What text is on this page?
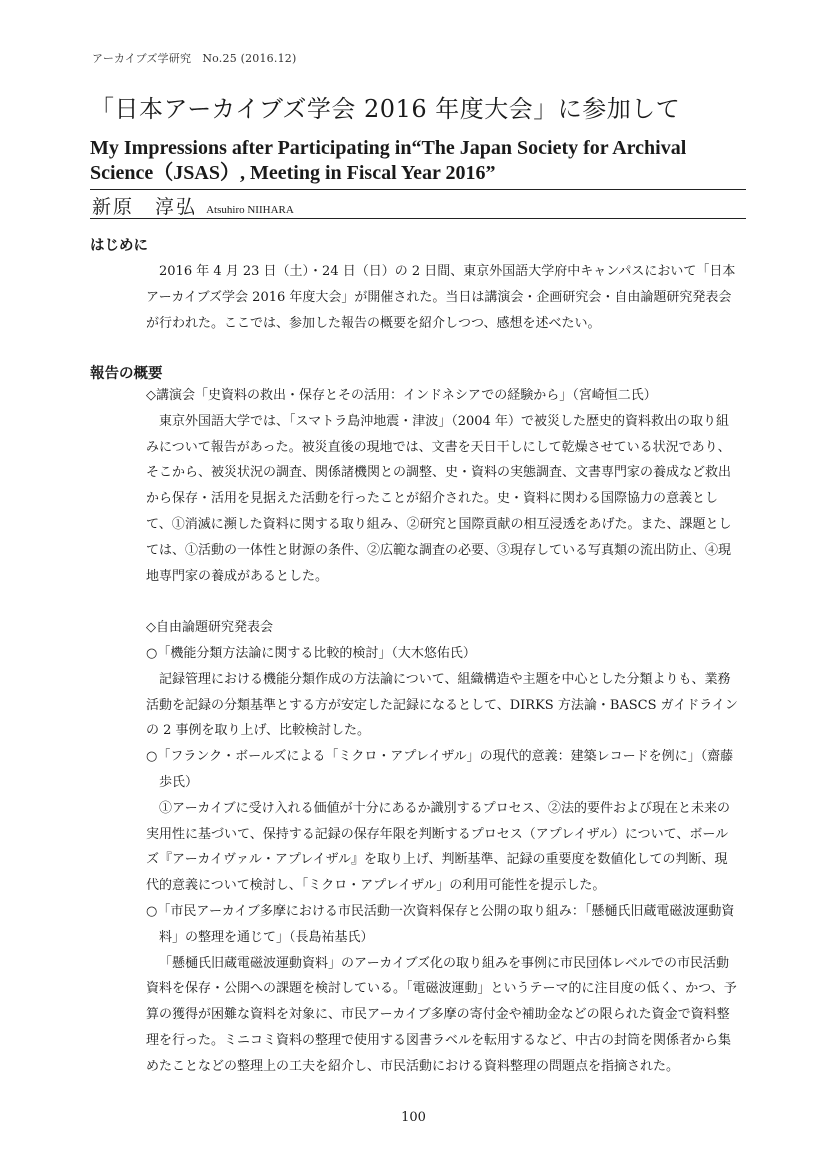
アーカイブズ学研究　No.25 (2016.12)
「日本アーカイブズ学会 2016 年度大会」に参加して
My Impressions after Participating in“The Japan Society for Archival Science（JSAS）, Meeting in Fiscal Year 2016”
新原　淳弘 Atsuhiro NIIHARA
はじめに

2016 年 4 月 23 日（土）・24 日（日）の 2 日間、東京外国語大学府中キャンパスにおいて「日本アーカイブズ学会 2016 年度大会」が開催された。当日は講演会・企画研究会・自由論題研究発表会が行われた。ここでは、参加した報告の概要を紹介しつつ、感想を述べたい。

報告の概要

◇講演会「史資料の救出・保存とその活用：インドネシアでの経験から」（宮崎恒二氏）

東京外国語大学では、「スマトラ島沖地震・津波」（2004 年）で被災した歴史的資料救出の取り組みについて報告があった。被災直後の現地では、文書を天日干しにして乾燥させている状況であり、そこから、被災状況の調査、関係諸機関との調整、史・資料の実態調査、文書専門家の養成など救出から保存・活用を見据えた活動を行ったことが紹介された。史・資料に関わる国際協力の意義として、①消滅に瀕した資料に関する取り組み、②研究と国際貢献の相互浸透をあげた。また、課題としては、①活動の一体性と財源の条件、②広範な調査の必要、③現存している写真類の流出防止、④現地専門家の養成があるとした。

◇自由論題研究発表会

○「機能分類方法論に関する比較的検討」（大木悠佑氏）

記録管理における機能分類作成の方法論について、組織構造や主題を中心とした分類よりも、業務活動を記録の分類基準とする方が安定した記録になるとして、DIRKS 方法論・BASCS ガイドラインの 2 事例を取り上げ、比較検討した。

○「フランク・ボールズによる「ミクロ・アプレイザル」の現代的意義：建築レコードを例に」（齋藤歩氏）

①アーカイブに受け入れる価値が十分にあるか識別するプロセス、②法的要件および現在と未来の実用性に基づいて、保持する記録の保存年限を判断するプロセス（アプレイザル）について、ボールズ『アーカイヴァル・アプレイザル』を取り上げ、判断基準、記録の重要度を数値化しての判断、現代的意義について検討し、「ミクロ・アプレイザル」の利用可能性を提示した。

○「市民アーカイブ多摩における市民活動一次資料保存と公開の取り組み：「懸樋氏旧蔵電磁波運動資料」の整理を通じて」（長島祐基氏）

「懸樋氏旧蔵電磁波運動資料」のアーカイブズ化の取り組みを事例に市民団体レベルでの市民活動資料を保存・公開への課題を検討している。「電磁波運動」というテーマ的に注目度の低く、かつ、予算の獲得が困難な資料を対象に、市民アーカイブ多摩の寄付金や補助金などの限られた資金で資料整理を行った。ミニコミ資料の整理で使用する図書ラベルを転用するなど、中古の封筒を関係者から集めたことなどの整理上の工夫を紹介し、市民活動における資料整理の問題点を指摘された。

100
